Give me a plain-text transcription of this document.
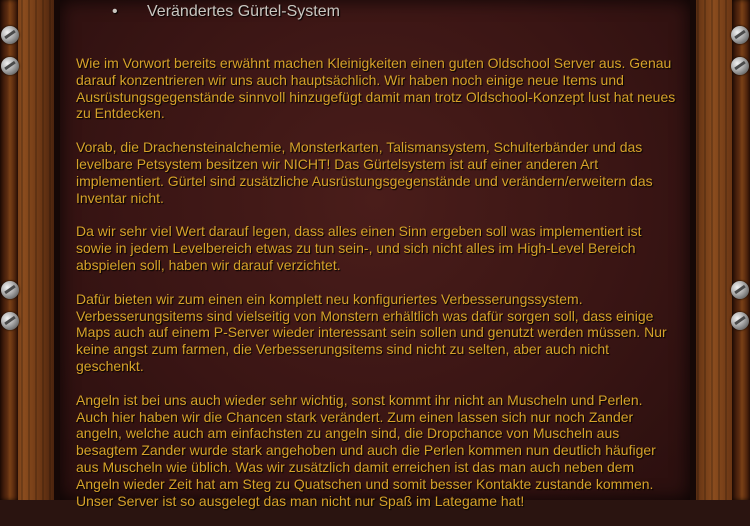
•	Verändertes Gürtel-System

Wie im Vorwort bereits erwähnt machen Kleinigkeiten einen guten Oldschool Server aus. Genau darauf konzentrieren wir uns auch hauptsächlich. Wir haben noch einige neue Items und Ausrüstungsgegenstände sinnvoll hinzugefügt damit man trotz Oldschool-Konzept lust hat neues zu Entdecken.

Vorab, die Drachensteinalchemie, Monsterkarten, Talismansystem, Schulterbänder und das levelbare Petsystem besitzen wir NICHT! Das Gürtelsystem ist auf einer anderen Art implementiert. Gürtel sind zusätzliche Ausrüstungsgegenstände und verändern/erweitern das Inventar nicht.

Da wir sehr viel Wert darauf legen, dass alles einen Sinn ergeben soll was implementiert ist sowie in jedem Levelbereich etwas zu tun sein-, und sich nicht alles im High-Level Bereich abspielen soll, haben wir darauf verzichtet.

Dafür bieten wir zum einen ein komplett neu konfiguriertes Verbesserungssystem. Verbesserungsitems sind vielseitig von Monstern erhältlich was dafür sorgen soll, dass einige Maps auch auf einem P-Server wieder interessant sein sollen und genutzt werden müssen. Nur keine angst zum farmen, die Verbesserungsitems sind nicht zu selten, aber auch nicht geschenkt.

Angeln ist bei uns auch wieder sehr wichtig, sonst kommt ihr nicht an Muscheln und Perlen. Auch hier haben wir die Chancen stark verändert. Zum einen lassen sich nur noch Zander angeln, welche auch am einfachsten zu angeln sind, die Dropchance von Muscheln aus besagtem Zander wurde stark angehoben und auch die Perlen kommen nun deutlich häufiger aus Muscheln wie üblich. Was wir zusätzlich damit erreichen ist das man auch neben dem Angeln wieder Zeit hat am Steg zu Quatschen und somit besser Kontakte zustande kommen. Unser Server ist so ausgelegt das man nicht nur Spaß im Lategame hat!
